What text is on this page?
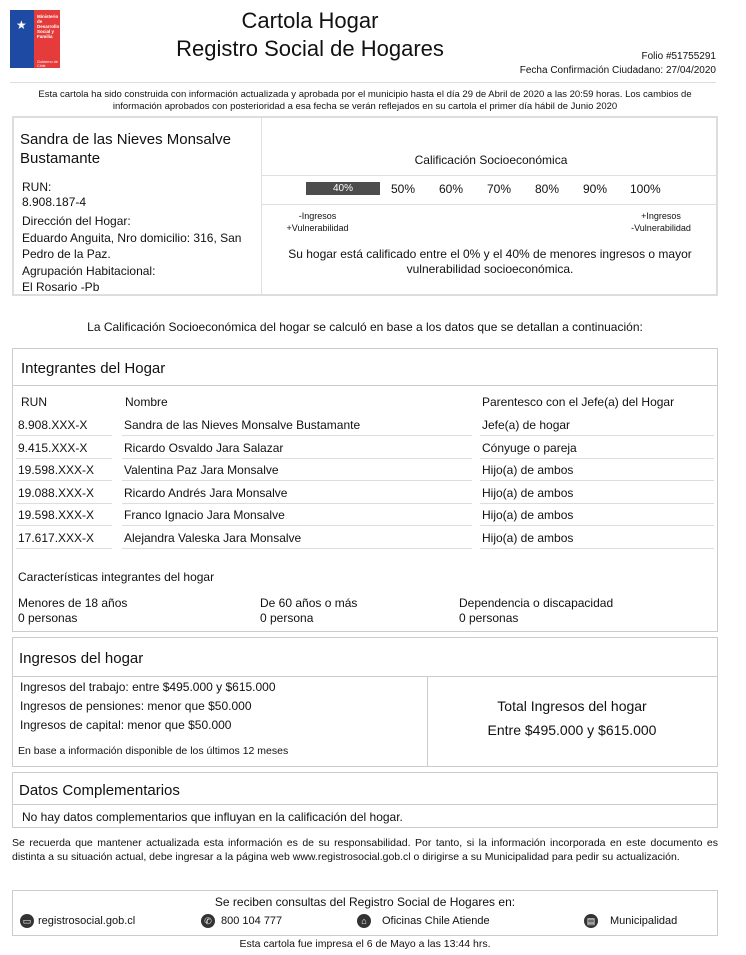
★
Ministerio de Desarrollo Social y Familia
Gobierno de Chile
Cartola Hogar
Registro Social de Hogares	Folio #51755291
Fecha Confirmación Ciudadano: 27/04/2020
Esta cartola ha sido construida con información actualizada y aprobada por el municipio hasta el día 29 de Abril de 2020 a las 20:59 horas. Los cambios de información aprobados con posterioridad a esa fecha se verán reflejados en su cartola el primer día hábil de Junio 2020
Sandra de las Nieves Monsalve Bustamante
RUN:
8.908.187-4
Dirección del Hogar:
Eduardo Anguita, Nro domicilio: 316, San Pedro de la Paz.
Agrupación Habitacional:
El Rosario -Pb
Calificación Socioeconómica
40%	50% 60% 70% 80% 90% 100%
-Ingresos
+Vulnerabilidad
+Ingresos
-Vulnerabilidad
Su hogar está calificado entre el 0% y el 40% de menores ingresos o mayor vulnerabilidad socioeconómica.
La Calificación Socioeconómica del hogar se calculó en base a los datos que se detallan a continuación:
Integrantes del Hogar
RUN	Nombre	Parentesco con el Jefe(a) del Hogar
8.908.XXX-X	Sandra de las Nieves Monsalve Bustamante	Jefe(a) de hogar
9.415.XXX-X	Ricardo Osvaldo Jara Salazar	Cónyuge o pareja
19.598.XXX-X Valentina Paz Jara Monsalve	Hijo(a) de ambos
19.088.XXX-X Ricardo Andrés Jara Monsalve	Hijo(a) de ambos
19.598.XXX-X Franco Ignacio Jara Monsalve	Hijo(a) de ambos
17.617.XXX-X Alejandra Valeska Jara Monsalve	Hijo(a) de ambos
Características integrantes del hogar
Menores de 18 años
0 personas
De 60 años o más
0 persona
Dependencia o discapacidad
0 personas
Ingresos del hogar
Ingresos del trabajo: entre $495.000 y $615.000
Ingresos de pensiones: menor que $50.000
Ingresos de capital: menor que $50.000
En base a información disponible de los últimos 12 meses
Total Ingresos del hogar
Entre $495.000 y $615.000
Datos Complementarios
No hay datos complementarios que influyan en la calificación del hogar.
Se recuerda que mantener actualizada esta información es de su responsabilidad. Por tanto, si la información incorporada en este documento es distinta a su situación actual, debe ingresar a la página web www.registrosocial.gob.cl o dirigirse a su Municipalidad para pedir su actualización.
Se reciben consultas del Registro Social de Hogares en:
▭ registrosocial.gob.cl	✆ 800 104 777	⌂	Oficinas Chile Atiende	▤ Municipalidad
Esta cartola fue impresa el 6 de Mayo a las 13:44 hrs.
